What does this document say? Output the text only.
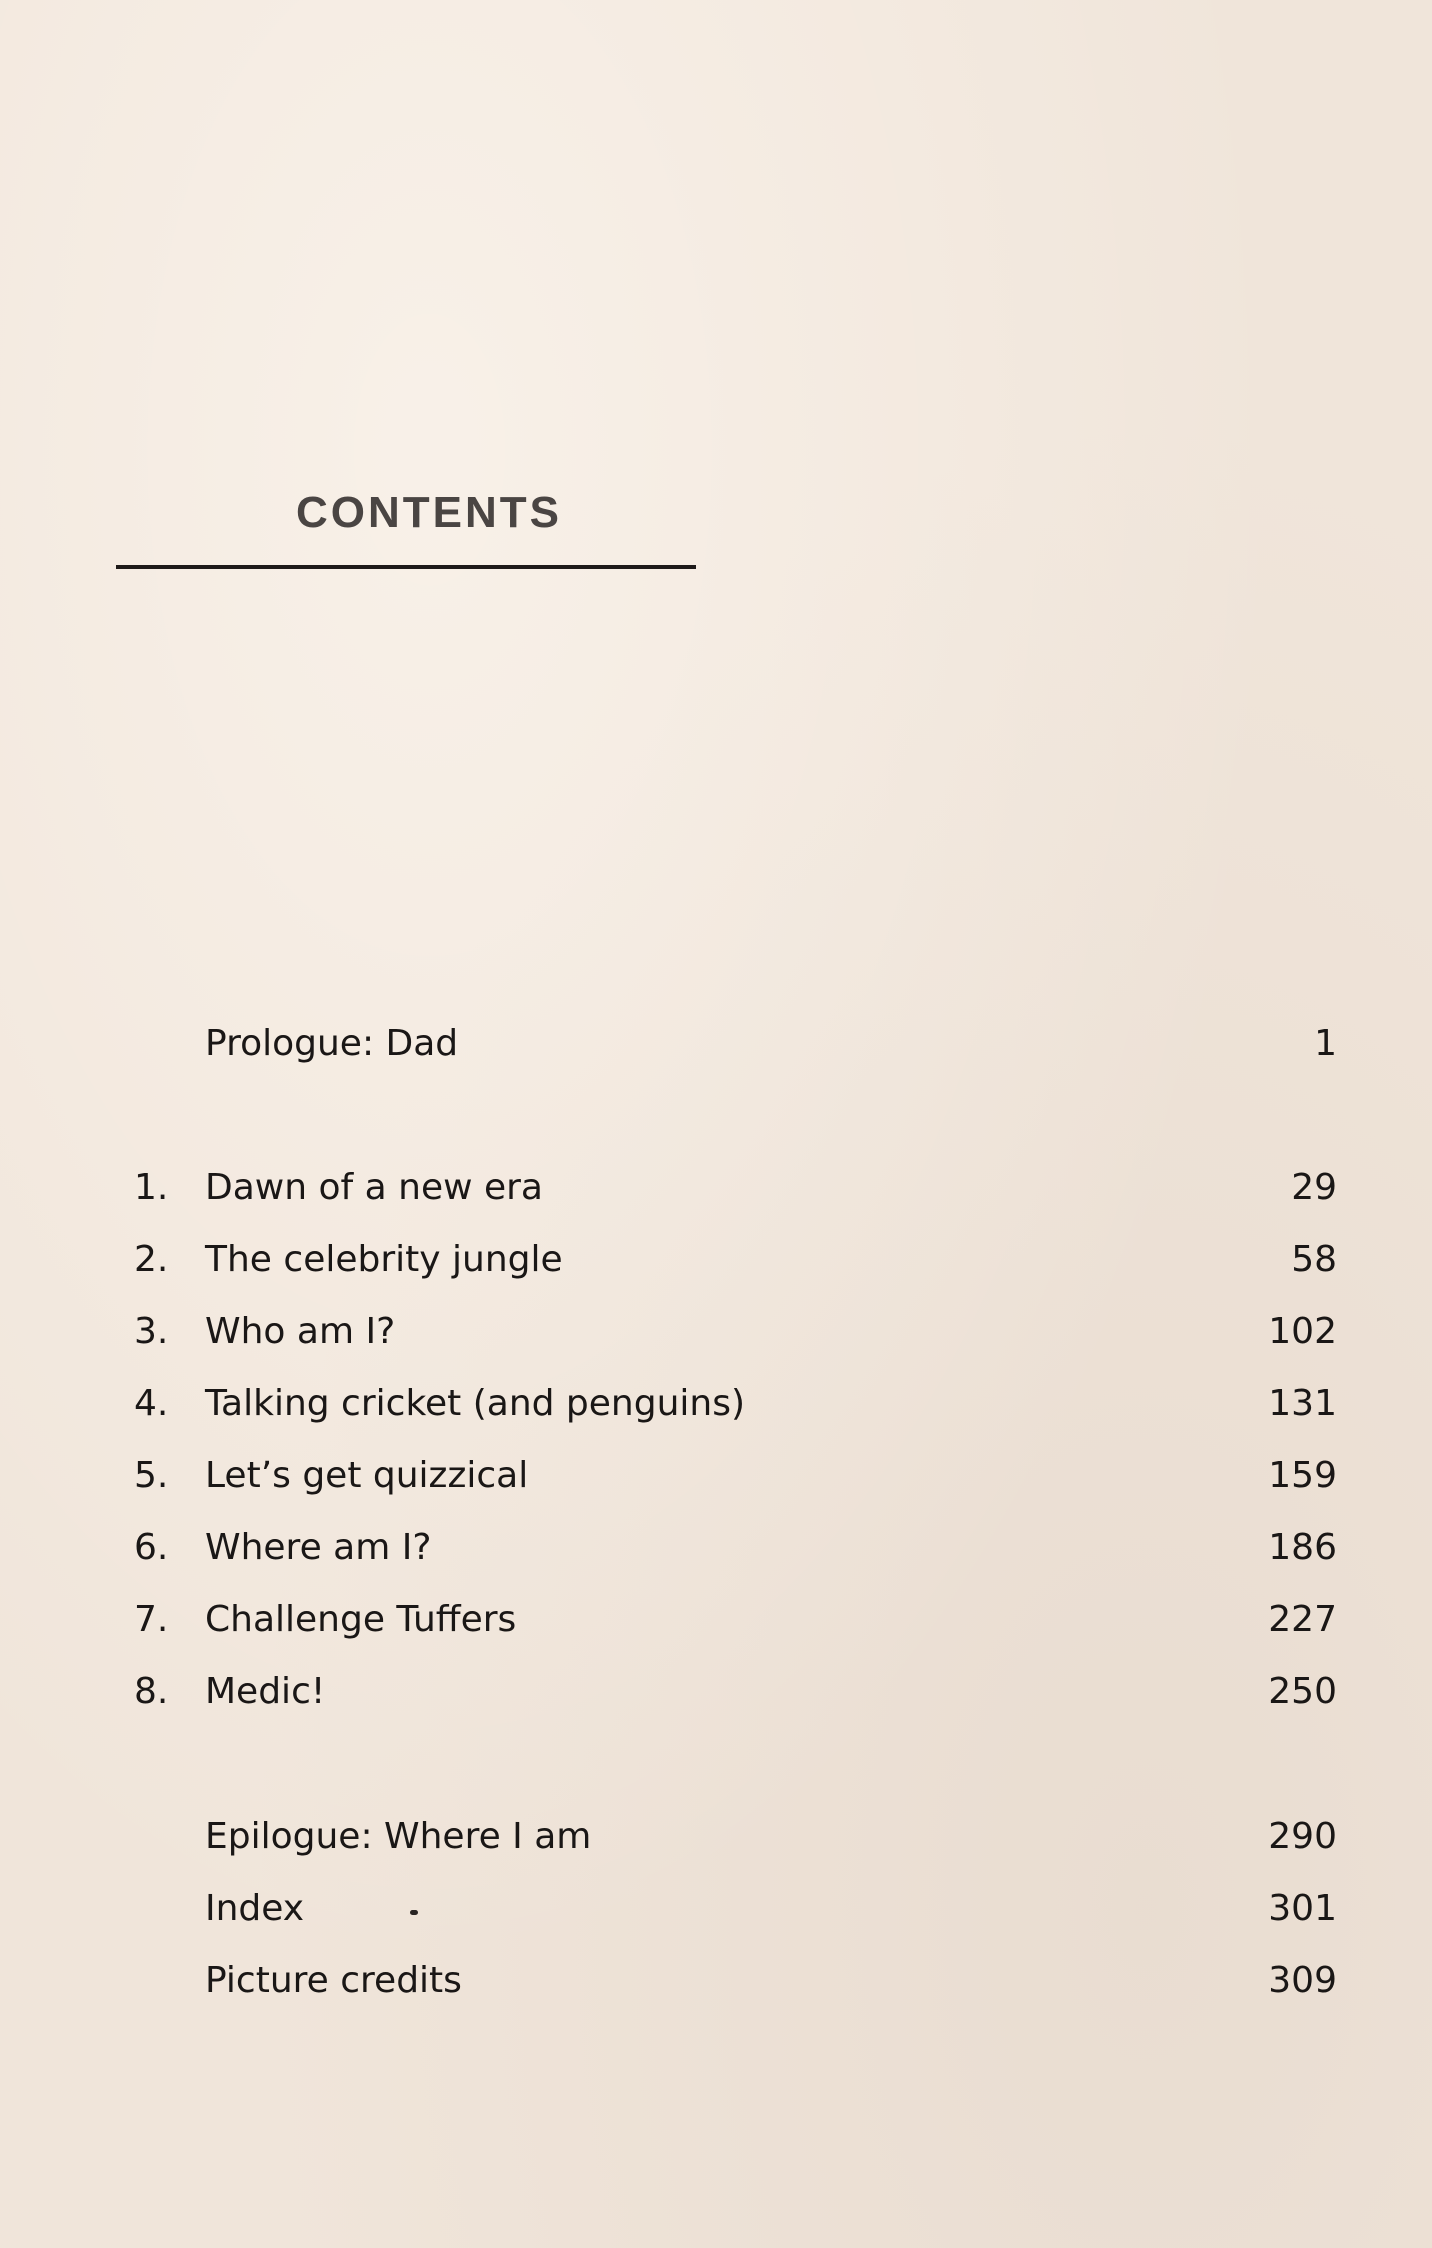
CONTENTS
Prologue: Dad	1
1.	Dawn of a new era	29
2.	The celebrity jungle	58
3.	Who am I?	102
4.	Talking cricket (and penguins)	131
5.	Let’s get quizzical	159
6.	Where am I?	186
7.	Challenge Tuffers	227
8.	Medic!	250
Epilogue: Where I am	290
Index	301
Picture credits	309
